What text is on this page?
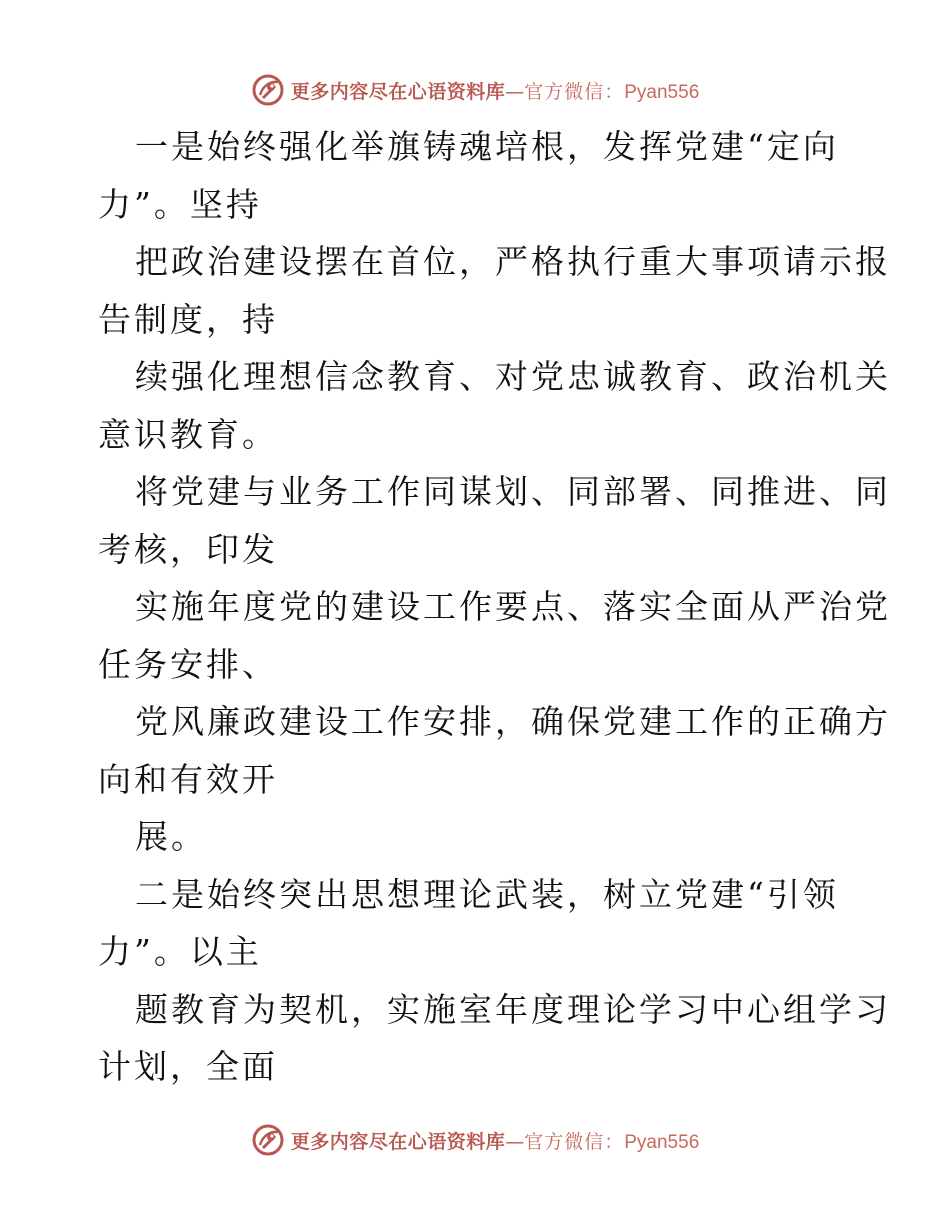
更多内容尽在心语资料库 — 官方微信： Pyan556
一是始终强化举旗铸魂培根，发挥党建“定向
力”。坚持
把政治建设摆在首位，严格执行重大事项请示报
告制度，持
续强化理想信念教育、对党忠诚教育、政治机关
意识教育。
将党建与业务工作同谋划、同部署、同推进、同
考核，印发
实施年度党的建设工作要点、落实全面从严治党
任务安排、
党风廉政建设工作安排，确保党建工作的正确方
向和有效开
展。
二是始终突出思想理论武装，树立党建“引领
力”。以主
题教育为契机，实施室年度理论学习中心组学习
计划，全面
更多内容尽在心语资料库 — 官方微信： Pyan556
